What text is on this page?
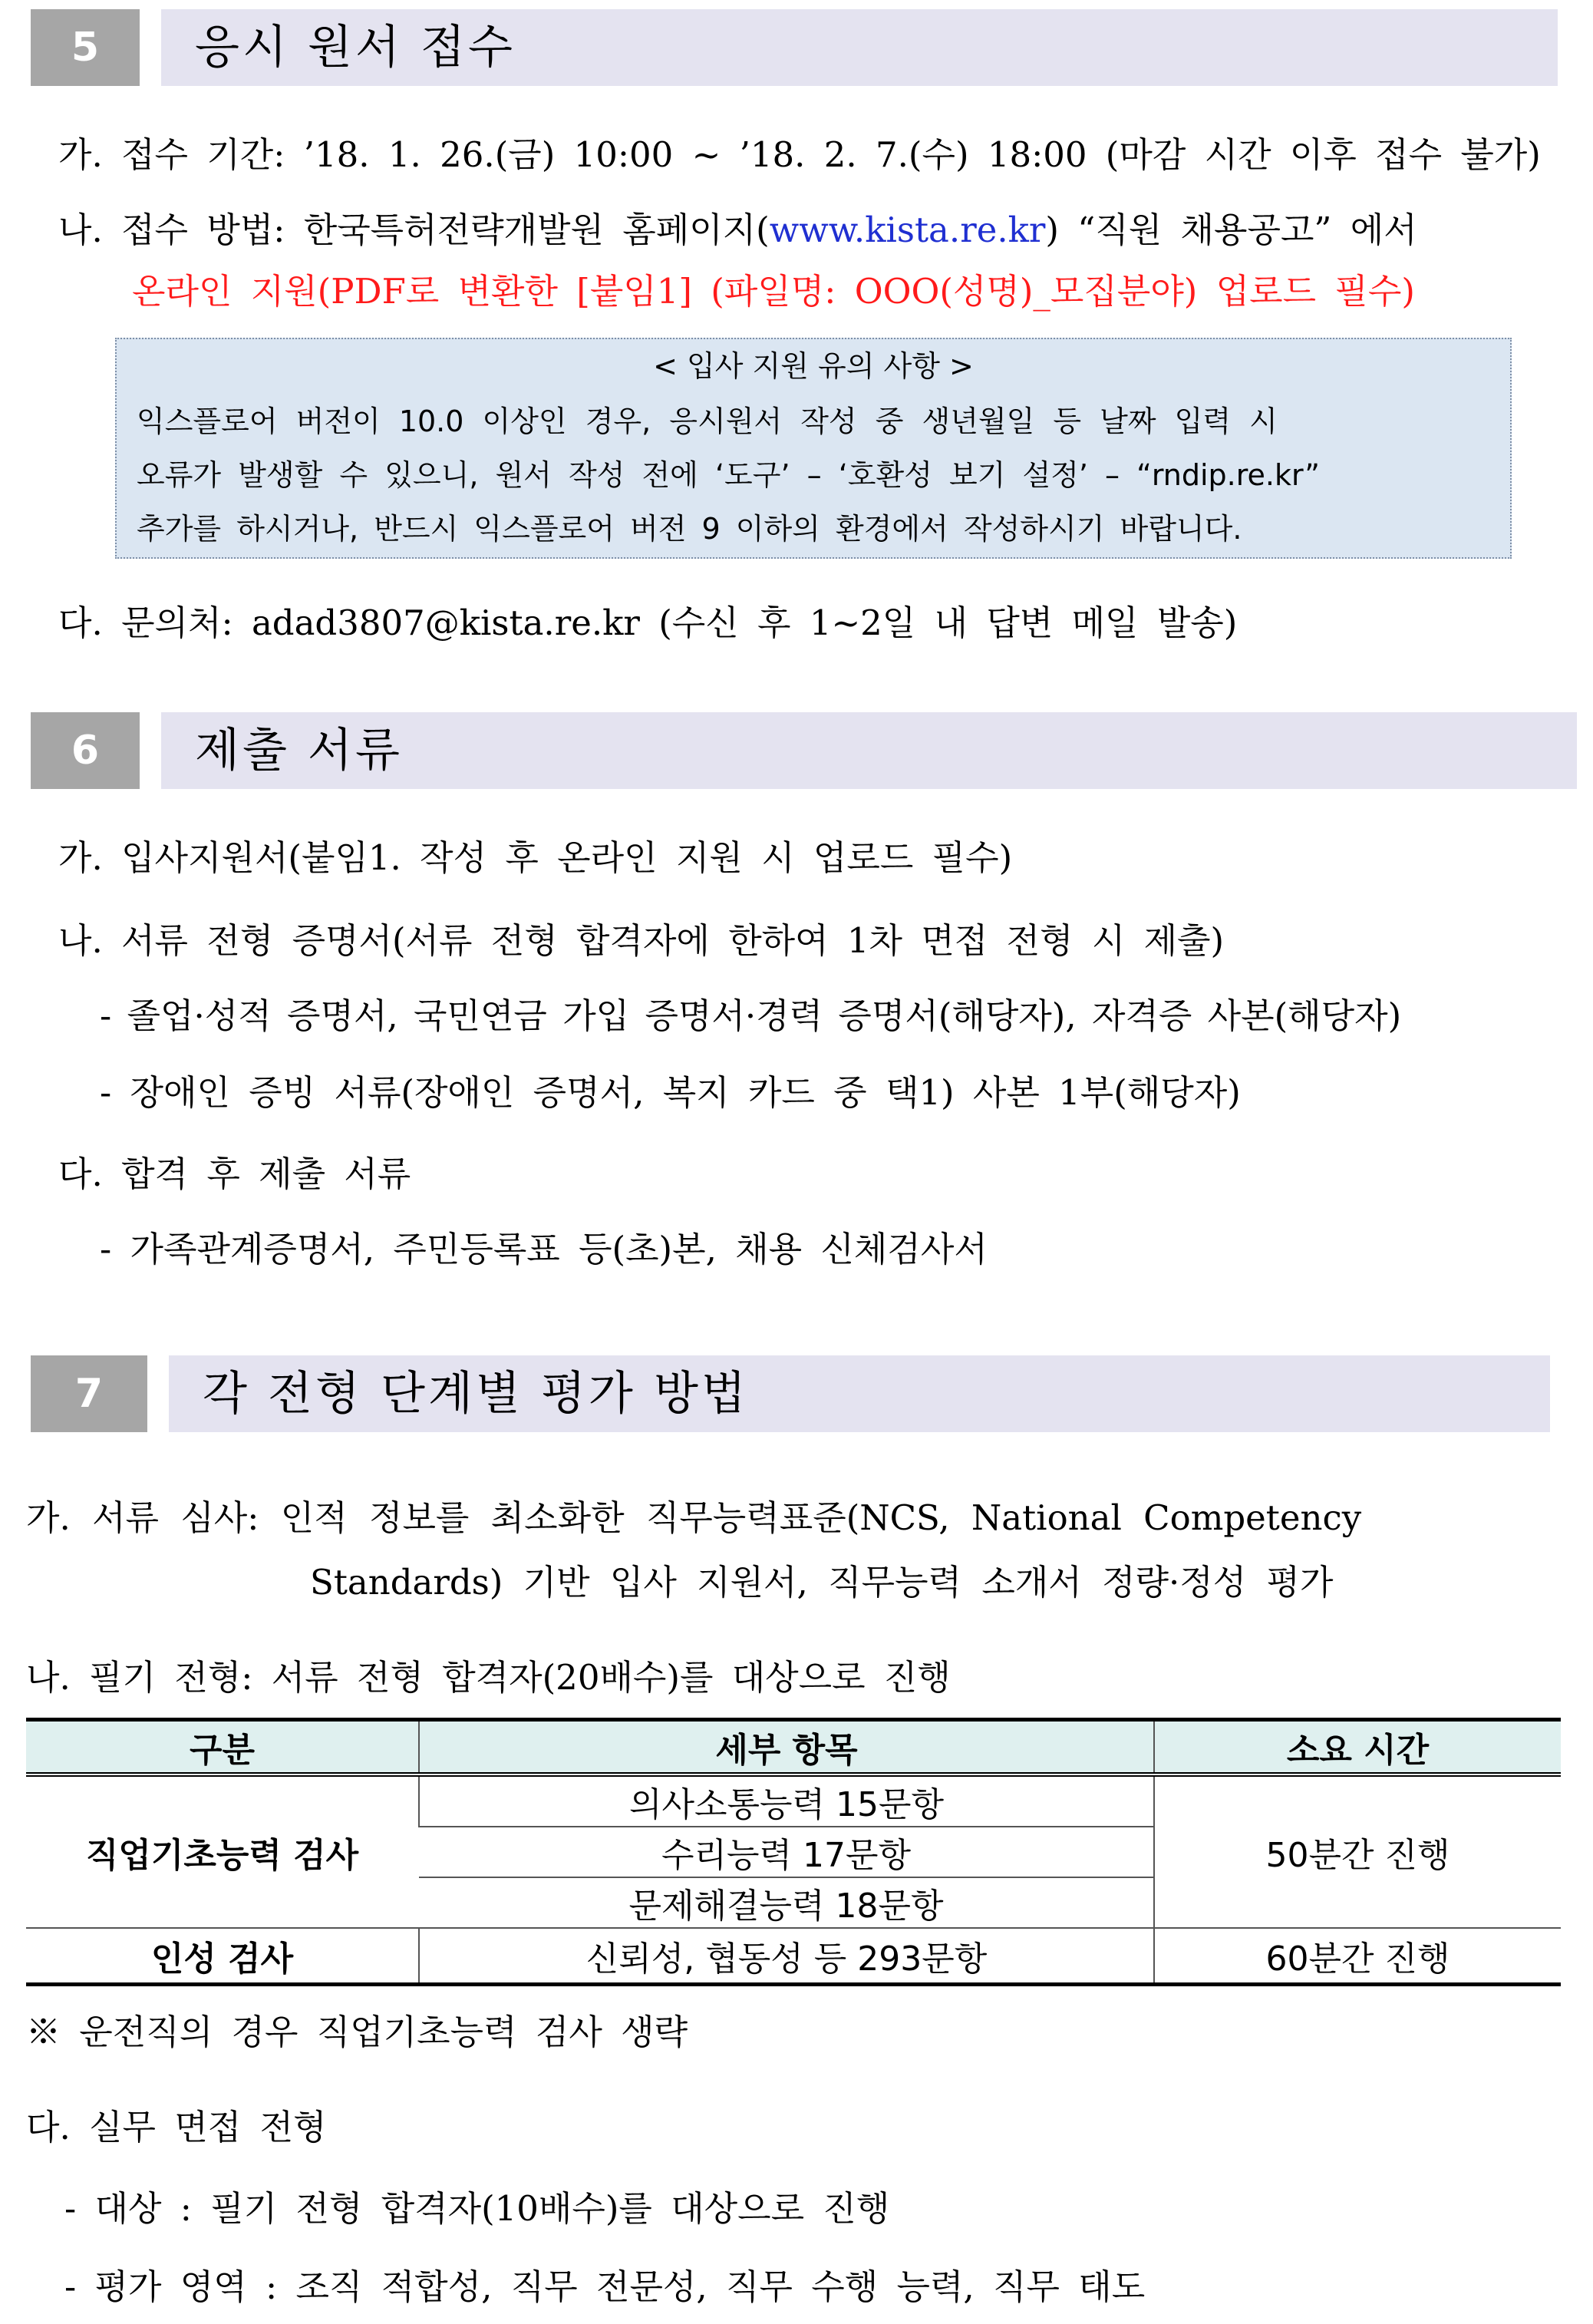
5	응시 원서 접수
가. 접수 기간: ’18. 1. 26.(금) 10:00 ~ ’18. 2. 7.(수) 18:00 (마감 시간 이후 접수 불가)
나. 접수 방법: 한국특허전략개발원 홈페이지(www.kista.re.kr) “직원 채용공고” 에서
온라인 지원(PDF로 변환한 [붙임1] (파일명: OOO(성명)_모집분야) 업로드 필수)
< 입사 지원 유의 사항 >
익스플로어 버전이 10.0 이상인 경우, 응시원서 작성 중 생년월일 등 날짜 입력 시
오류가 발생할 수 있으니, 원서 작성 전에 ‘도구’ – ‘호환성 보기 설정’ – “rndip.re.kr”
추가를 하시거나, 반드시 익스플로어 버전 9 이하의 환경에서 작성하시기 바랍니다.
다. 문의처: adad3807@kista.re.kr (수신 후 1~2일 내 답변 메일 발송)
6	제출 서류
가. 입사지원서(붙임1. 작성 후 온라인 지원 시 업로드 필수)
나. 서류 전형 증명서(서류 전형 합격자에 한하여 1차 면접 전형 시 제출)
- 졸업·성적 증명서, 국민연금 가입 증명서·경력 증명서(해당자), 자격증 사본(해당자)
- 장애인 증빙 서류(장애인 증명서, 복지 카드 중 택1) 사본 1부(해당자)
다. 합격 후 제출 서류
- 가족관계증명서, 주민등록표 등(초)본, 채용 신체검사서
7	각 전형 단계별 평가 방법
가. 서류 심사: 인적 정보를 최소화한 직무능력표준(NCS, National Competency
Standards) 기반 입사 지원서, 직무능력 소개서 정량·정성 평가
나. 필기 전형: 서류 전형 합격자(20배수)를 대상으로 진행
구분	세부 항목	소요 시간
직업기초능력 검사	의사소통능력 15문항	50분간 진행
	수리능력 17문항	
	문제해결능력 18문항	
인성 검사	신뢰성, 협동성 등 293문항	60분간 진행
※ 운전직의 경우 직업기초능력 검사 생략
다. 실무 면접 전형
- 대상 : 필기 전형 합격자(10배수)를 대상으로 진행
- 평가 영역 : 조직 적합성, 직무 전문성, 직무 수행 능력, 직무 태도
